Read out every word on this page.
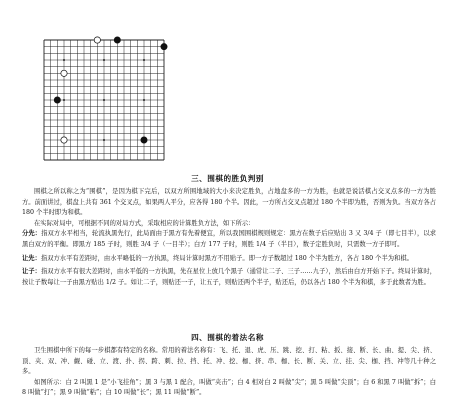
三、围棋的胜负判别

围棋之所以称之为“围棋”，是因为棋下完后，以双方所围地域的大小来决定胜负，占地盘多的一方为胜，也就是说活棋占交叉点多的一方为胜方。前面讲过，棋盘上共有 361 个交叉点，如果两人平分，应各得 180 个半。因此，一方所占交叉点超过 180 个半即为胜，否则为负。当双方各占 180 个半时即为和棋。

在实际对局中，可根据不同的对局方式，采取相应的计算胜负方法，如下所示：

分先：指双方水平相当，轮流执黑先行，此局面由于黑方有先着便宜，所以我国围棋规则规定：黑方在数子后应贴出 3 又 3/4 子（即七目半），以求黑白双方的平衡。即黑方 185 子时，则胜 3/4 子（一目半）；白方 177 子时，则胜 1/4 子（半目），数子定胜负时，只需数一方子即可。

让先：指双方水平有差距时，由水平略低的一方执黑，终局计算时黑方不用贴子。即一方子数超过 180 个半为胜方，各占 180 个半为和棋。

让子：指双方水平有很大差距时，由水平低的一方执黑，先在星位上放几个黑子（通常让二子、三子……九子），然后由白方开始下子。终局计算时，按让子数每让一子由黑方贴出 1/2 子。如让二子，则贴还一子，让五子，则贴还两个半子，贴还后，仍以各占 180 个半为和棋，多于此数者为胜。

四、围棋的着法名称

卫生围棋中所下的每一步棋都有特定的名称。常用的着法名称有：飞、托、退、虎、压、跳、挖、打、粘、扳、接、断、长、曲、提、尖、挤、顶、夹、双、冲、觑、碰、立、渡、扑、拐、跨、刺、拉、挡、托、冲、挖、枷、挤、串、枷、长、断、关、立、挂、尖、枷、挡、冲等几十种之多。

如图所示：白 2 叫黑 1 是“小飞挂角”；黑 3 与黑 1 配合，叫做“夹击”；白 4 相对白 2 叫做“尖”；黑 5 叫做“尖顶”；白 6 和黑 7 叫做“拆”；白 8 叫做“打”；黑 9 叫做“粘”；白 10 叫做“长”；黑 11 叫做“断”。
